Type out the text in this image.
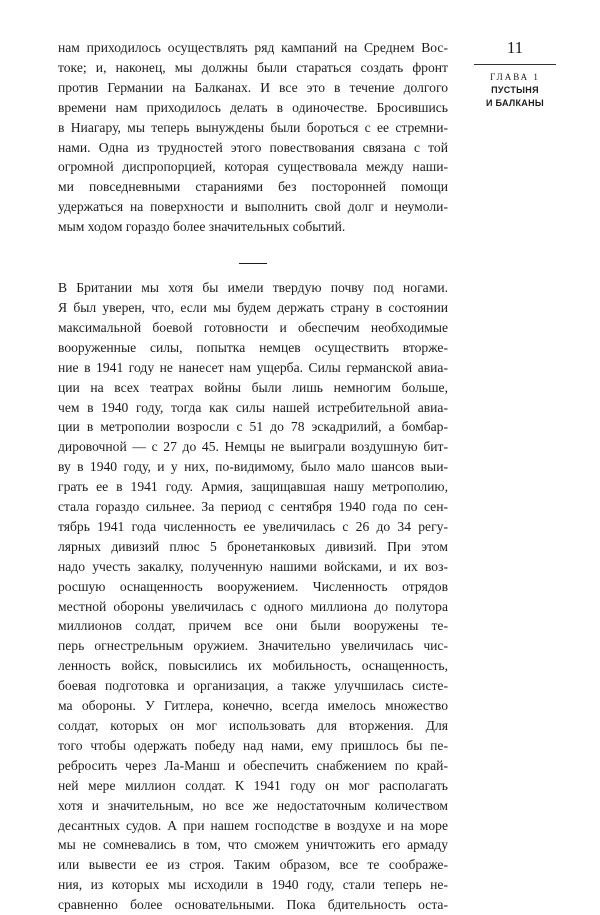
нам приходилось осуществлять ряд кампаний на Среднем Вос-
токе; и, наконец, мы должны были стараться создать фронт
против Германии на Балканах. И все это в течение долгого
времени нам приходилось делать в одиночестве. Бросившись
в Ниагару, мы теперь вынуждены были бороться с ее стремни-
нами. Одна из трудностей этого повествования связана с той
огромной диспропорцией, которая существовала между наши-
ми повседневными стараниями без посторонней помощи
удержаться на поверхности и выполнить свой долг и неумоли-
мым ходом гораздо более значительных событий.

В Британии мы хотя бы имели твердую почву под ногами.
Я был уверен, что, если мы будем держать страну в состоянии
максимальной боевой готовности и обеспечим необходимые
вооруженные силы, попытка немцев осуществить вторже-
ние в 1941 году не нанесет нам ущерба. Силы германской авиа-
ции на всех театрах войны были лишь немногим больше,
чем в 1940 году, тогда как силы нашей истребительной авиа-
ции в метрополии возросли с 51 до 78 эскадрилий, а бомбар-
дировочной — с 27 до 45. Немцы не выиграли воздушную бит-
ву в 1940 году, и у них, по-видимому, было мало шансов выи-
грать ее в 1941 году. Армия, защищавшая нашу метрополию,
стала гораздо сильнее. За период с сентября 1940 года по сен-
тябрь 1941 года численность ее увеличилась с 26 до 34 регу-
лярных дивизий плюс 5 бронетанковых дивизий. При этом
надо учесть закалку, полученную нашими войсками, и их воз-
росшую оснащенность вооружением. Численность отрядов
местной обороны увеличилась с одного миллиона до полутора
миллионов солдат, причем все они были вооружены те-
перь огнестрельным оружием. Значительно увеличилась чис-
ленность войск, повысились их мобильность, оснащенность,
боевая подготовка и организация, а также улучшилась систе-
ма обороны. У Гитлера, конечно, всегда имелось множество
солдат, которых он мог использовать для вторжения. Для
того чтобы одержать победу над нами, ему пришлось бы пе-
ребросить через Ла-Манш и обеспечить снабжением по край-
ней мере миллион солдат. К 1941 году он мог располагать
хотя и значительным, но все же недостаточным количеством
десантных судов. А при нашем господстве в воздухе и на море
мы не сомневались в том, что сможем уничтожить его армаду
или вывести ее из строя. Таким образом, все те соображе-
ния, из которых мы исходили в 1940 году, стали теперь не-
сравненно более основательными. Пока бдительность оста-

11
ГЛАВА 1
ПУСТЫНЯ
И БАЛКАНЫ
